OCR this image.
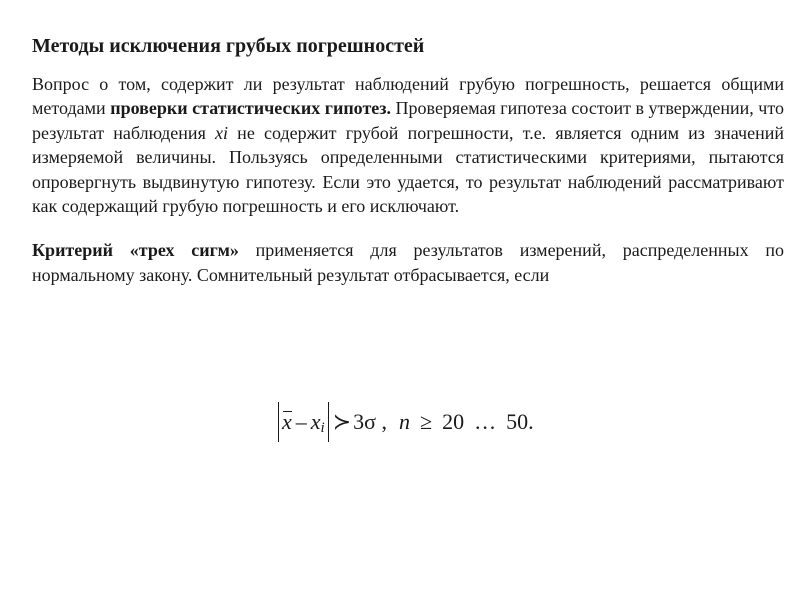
Методы исключения грубых погрешностей

Вопрос о том, содержит ли результат наблюдений грубую погрешность, решается общими методами проверки статистических гипотез. Проверяемая гипотеза состоит в утверждении, что результат наблюдения xi не содержит грубой погрешности, т.е. является одним из значений измеряемой величины. Пользуясь определенными статистическими критериями, пытаются опровергнуть выдвинутую гипотезу. Если это удается, то результат наблюдений рассматривают как содержащий грубую погрешность и его исключают.

Критерий «трех сигм» применяется для результатов измерений, распределенных по нормальному закону. Сомнительный результат отбрасывается, если

x – x i ≻ 3σ , n ≥ 20 … 50.
